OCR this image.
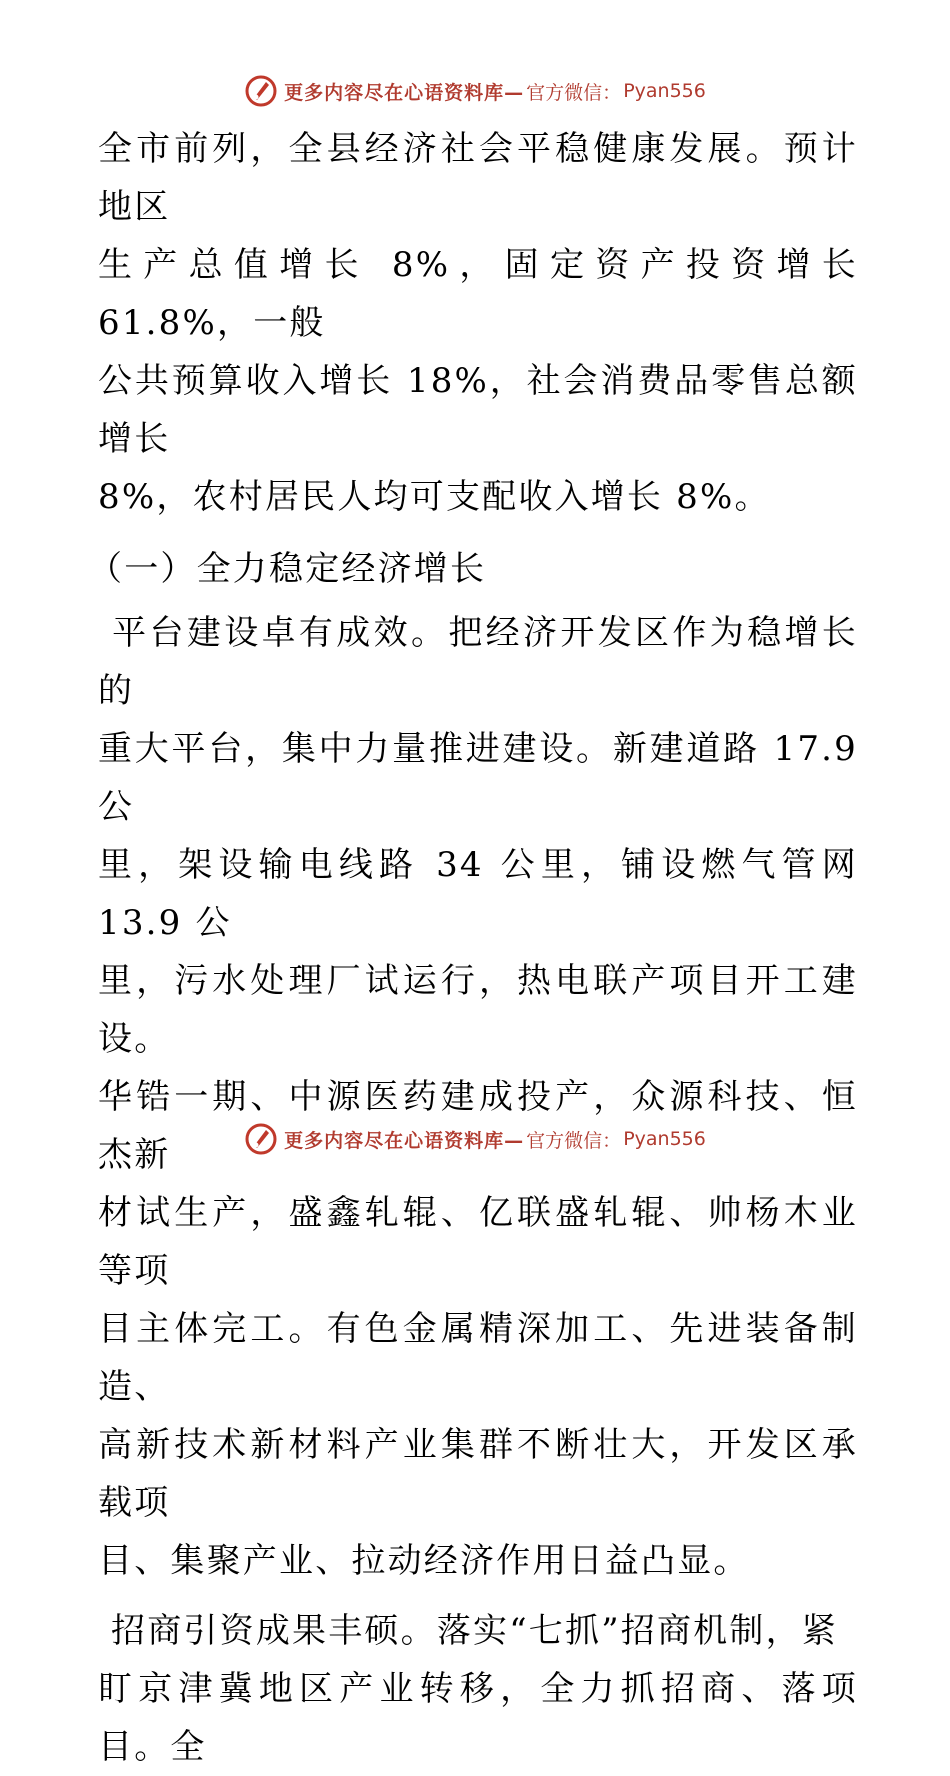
更多内容尽在心语资料库— 官方微信： Pyan556

全市前列，全县经济社会平稳健康发展。预计地区
生产总值增长 8%，固定资产投资增长 61.8%，一般
公共预算收入增长 18%，社会消费品零售总额增长
8%，农村居民人均可支配收入增长 8%。

（一）全力稳定经济增长

平台建设卓有成效。把经济开发区作为稳增长的
重大平台，集中力量推进建设。新建道路 17.9 公
里，架设输电线路 34 公里，铺设燃气管网 13.9 公
里，污水处理厂试运行，热电联产项目开工建设。
华锆一期、中源医药建成投产，众源科技、恒杰新
材试生产，盛鑫轧辊、亿联盛轧辊、帅杨木业等项
目主体完工。有色金属精深加工、先进装备制造、
高新技术新材料产业集群不断壮大，开发区承载项
目、集聚产业、拉动经济作用日益凸显。

招商引资成果丰硕。落实“七抓”招商机制，紧
盯京津冀地区产业转移，全力抓招商、落项目。全

更多内容尽在心语资料库— 官方微信： Pyan556
